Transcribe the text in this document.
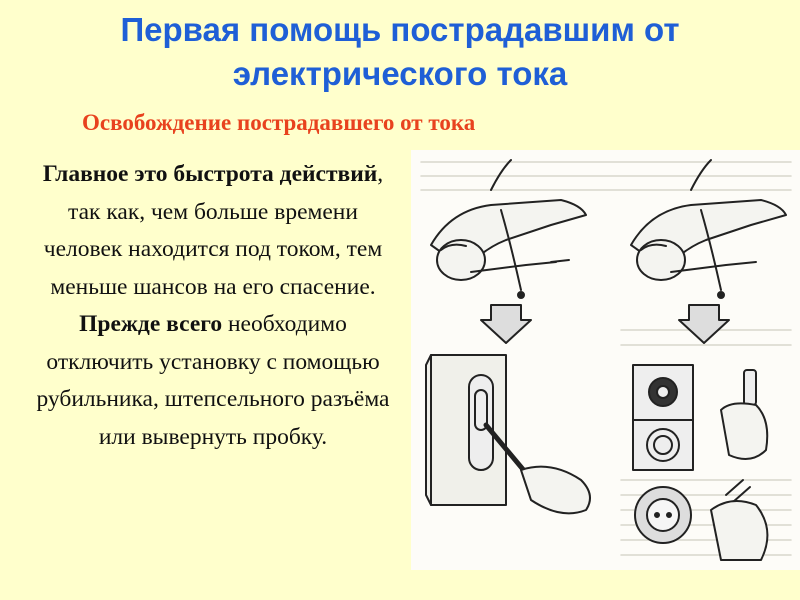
Первая помощь пострадавшим от
электрического тока
Освобождение пострадавшего от тока
Главное это быстрота действий, так как, чем больше времени человек находится под током, тем меньше шансов на его спасение.
Прежде всего необходимо отключить установку с помощью рубильника, штепсельного разъёма или вывернуть пробку.
